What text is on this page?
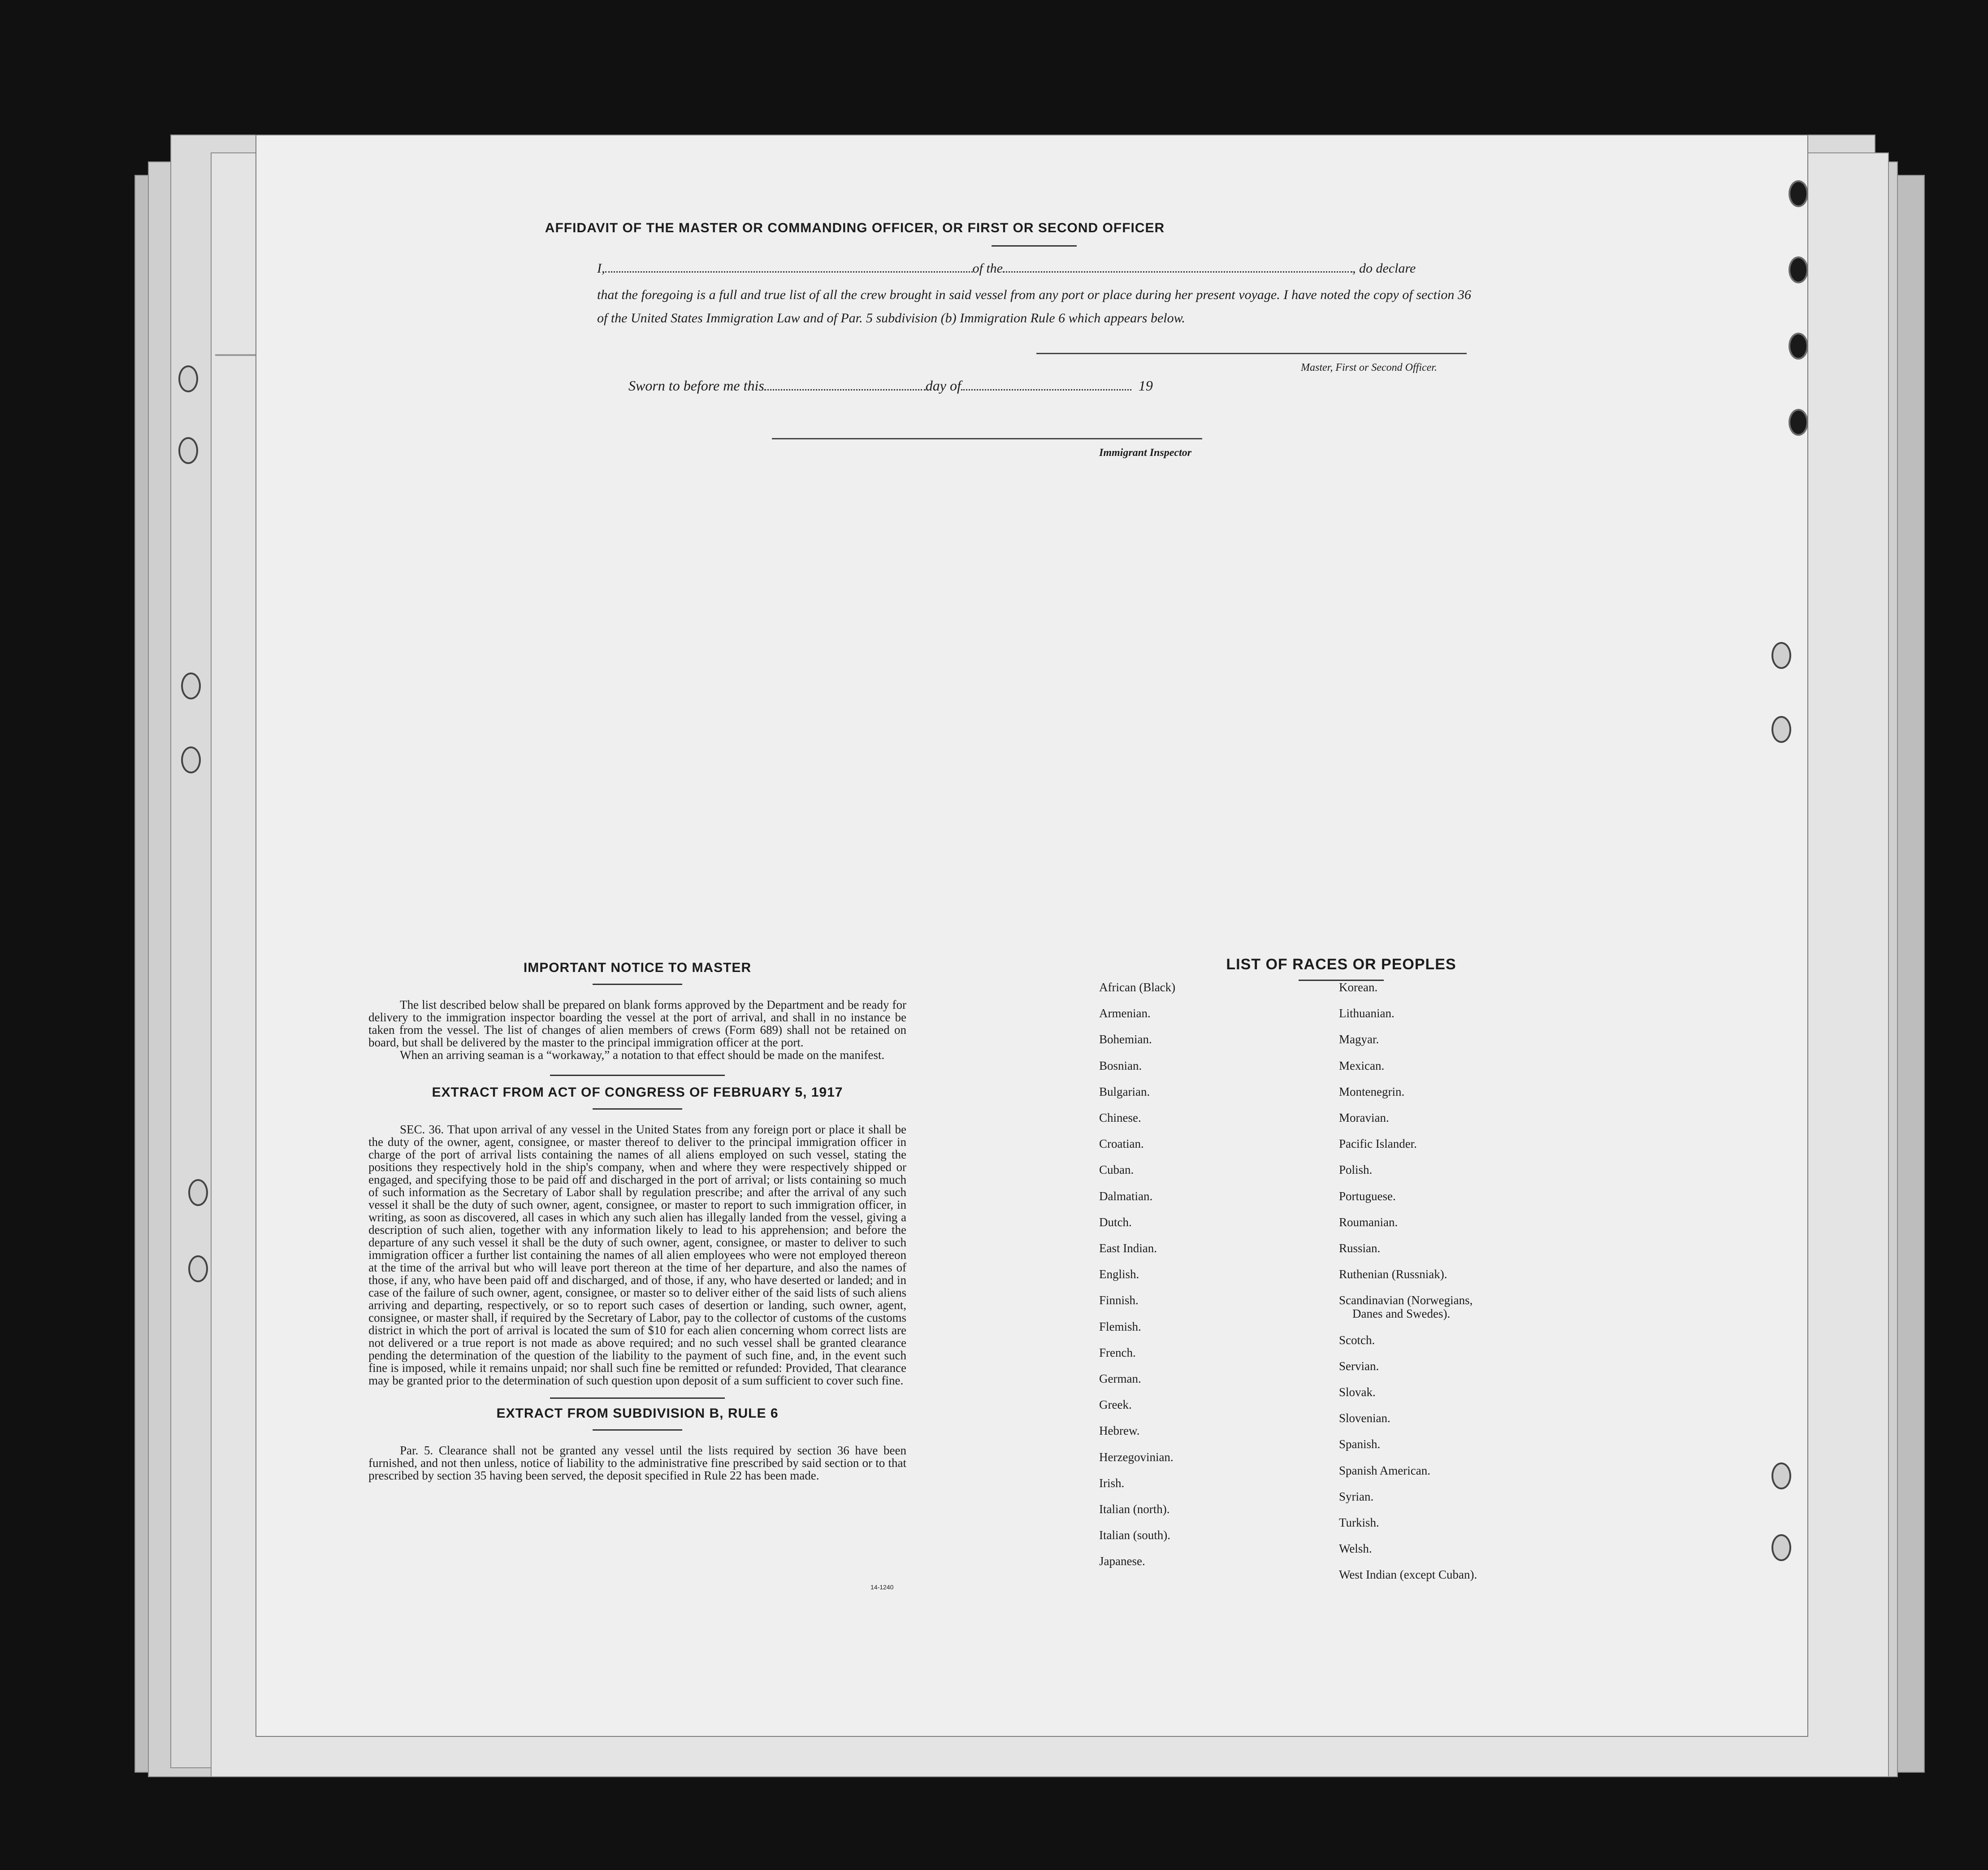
AFFIDAVIT OF THE MASTER OR COMMANDING OFFICER, OR FIRST OR SECOND OFFICER
I,	of the	, do declare
that the foregoing is a full and true list of all the crew brought in said vessel from any port or place during her present voyage. I have noted the copy of section 36 of the United States Immigration Law and of Par. 5 subdivision (b) Immigration Rule 6 which appears below.
Master, First or Second Officer.
Sworn to before me this	day of	19
Immigrant Inspector
IMPORTANT NOTICE TO MASTER

The list described below shall be prepared on blank forms approved by the Department and be ready for delivery to the immigration inspector boarding the vessel at the port of arrival, and shall in no instance be taken from the vessel. The list of changes of alien members of crews (Form 689) shall not be retained on board, but shall be delivered by the master to the principal immigration officer at the port.

When an arriving seaman is a “workaway,” a notation to that effect should be made on the manifest.

EXTRACT FROM ACT OF CONGRESS OF FEBRUARY 5, 1917

SEC. 36. That upon arrival of any vessel in the United States from any foreign port or place it shall be the duty of the owner, agent, consignee, or master thereof to deliver to the principal immigration officer in charge of the port of arrival lists containing the names of all aliens employed on such vessel, stating the positions they respectively hold in the ship's company, when and where they were respectively shipped or engaged, and specifying those to be paid off and discharged in the port of arrival; or lists containing so much of such information as the Secretary of Labor shall by regulation prescribe; and after the arrival of any such vessel it shall be the duty of such owner, agent, consignee, or master to report to such immigration officer, in writing, as soon as discovered, all cases in which any such alien has illegally landed from the vessel, giving a description of such alien, together with any information likely to lead to his apprehension; and before the departure of any such vessel it shall be the duty of such owner, agent, consignee, or master to deliver to such immigration officer a further list containing the names of all alien employees who were not employed thereon at the time of the arrival but who will leave port thereon at the time of her departure, and also the names of those, if any, who have been paid off and discharged, and of those, if any, who have deserted or landed; and in case of the failure of such owner, agent, consignee, or master so to deliver either of the said lists of such aliens arriving and departing, respectively, or so to report such cases of desertion or landing, such owner, agent, consignee, or master shall, if required by the Secretary of Labor, pay to the collector of customs of the customs district in which the port of arrival is located the sum of $10 for each alien concerning whom correct lists are not delivered or a true report is not made as above required; and no such vessel shall be granted clearance pending the determination of the question of the liability to the payment of such fine, and, in the event such fine is imposed, while it remains unpaid; nor shall such fine be remitted or refunded: Provided, That clearance may be granted prior to the determination of such question upon deposit of a sum sufficient to cover such fine.

EXTRACT FROM SUBDIVISION B, RULE 6

Par. 5. Clearance shall not be granted any vessel until the lists required by section 36 have been furnished, and not then unless, notice of liability to the administrative fine prescribed by said section or to that prescribed by section 35 having been served, the deposit specified in Rule 22 has been made.

14-1240
LIST OF RACES OR PEOPLES
African (Black)
Armenian.
Bohemian.
Bosnian.
Bulgarian.
Chinese.
Croatian.
Cuban.
Dalmatian.
Dutch.
East Indian.
English.
Finnish.
Flemish.
French.
German.
Greek.
Hebrew.
Herzegovinian.
Irish.
Italian (north).
Italian (south).
Japanese.
Korean.
Lithuanian.
Magyar.
Mexican.
Montenegrin.
Moravian.
Pacific Islander.
Polish.
Portuguese.
Roumanian.
Russian.
Ruthenian (Russniak).
Scandinavian (Norwegians,
Danes and Swedes).
Scotch.
Servian.
Slovak.
Slovenian.
Spanish.
Spanish American.
Syrian.
Turkish.
Welsh.
West Indian (except Cuban).
